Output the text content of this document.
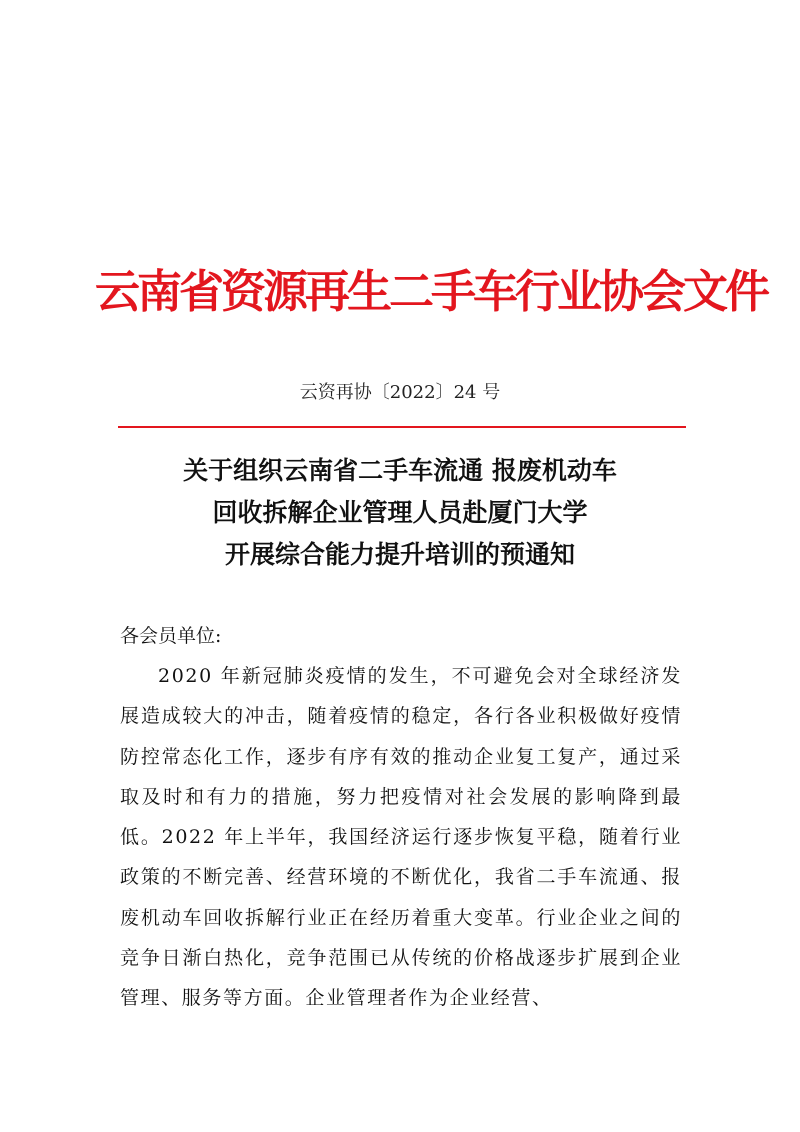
云南省资源再生二手车行业协会文件
云资再协〔2022〕24 号
关于组织云南省二手车流通 报废机动车
回收拆解企业管理人员赴厦门大学
开展综合能力提升培训的预通知
各会员单位:
2020 年新冠肺炎疫情的发生，不可避免会对全球经济发展造成较大的冲击，随着疫情的稳定，各行各业积极做好疫情防控常态化工作，逐步有序有效的推动企业复工复产，通过采取及时和有力的措施，努力把疫情对社会发展的影响降到最低。2022 年上半年，我国经济运行逐步恢复平稳，随着行业政策的不断完善、经营环境的不断优化，我省二手车流通、报废机动车回收拆解行业正在经历着重大变革。行业企业之间的竞争日渐白热化，竞争范围已从传统的价格战逐步扩展到企业管理、服务等方面。企业管理者作为企业经营、
